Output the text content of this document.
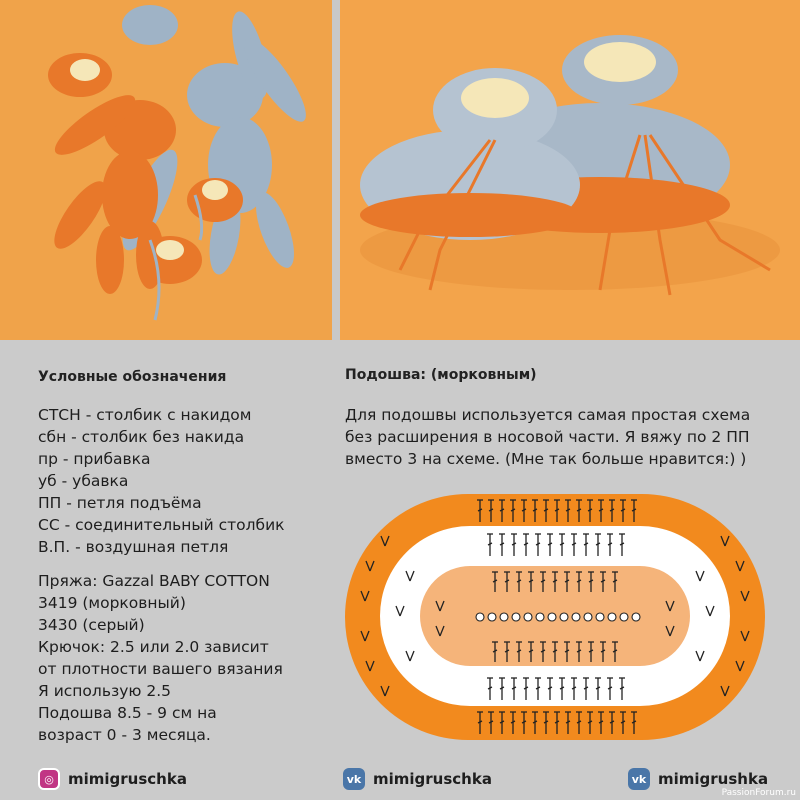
Условные обозначения
СТСН - столбик с накидом
сбн - столбик без накида
пр - прибавка
уб - убавка
ПП - петля подъёма
СС - соединительный столбик
В.П. - воздушная петля
Пряжа: Gazzal BABY COTTON
3419 (морковный)
3430 (серый)
Крючок: 2.5 или 2.0 зависит
от плотности вашего вязания
Я использую 2.5
Подошва 8.5 - 9 см на
возраст 0 - 3 месяца.
Подошва: (морковным)
Для подошвы используется самая простая схема
без расширения в носовой части. Я вяжу по 2 ПП
вместо 3 на схеме. (Мне так больше нравится:) )
◎ mimigruschka	vk mimigruschka	vk mimigrushka
PassionForum.ru
